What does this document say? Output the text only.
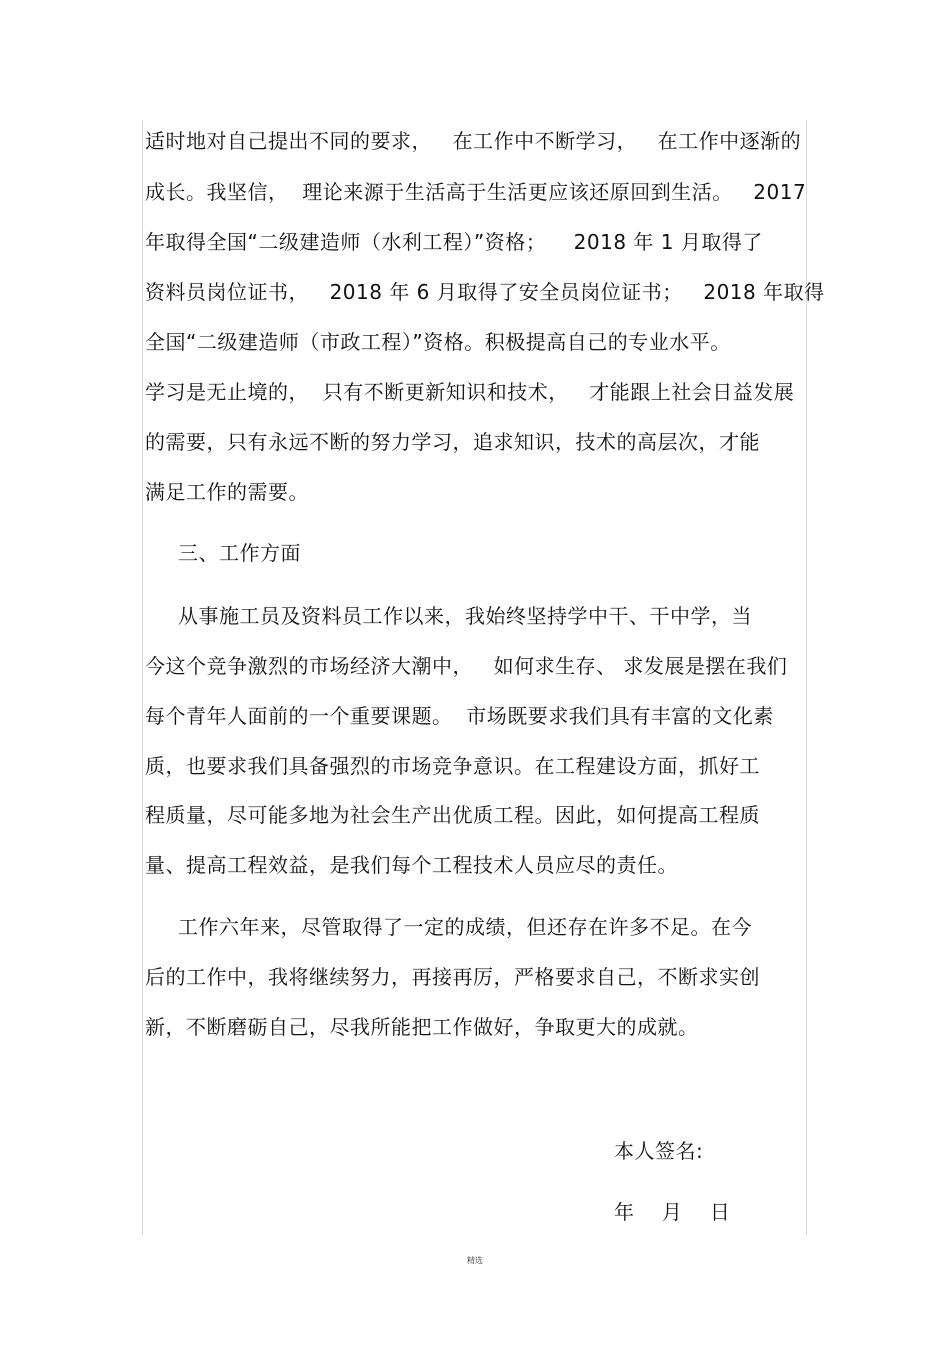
适时地对自己提出不同的要求，   在工作中不断学习，   在工作中逐渐的
成长。我坚信，  理论来源于生活高于生活更应该还原回到生活。   2017
年取得全国“二级建造师（水利工程）”资格；    2018 年 1 月取得了
资料员岗位证书，   2018 年 6 月取得了安全员岗位证书；   2018 年取得
全国“二级建造师（市政工程）”资格。积极提高自己的专业水平。
学习是无止境的，  只有不断更新知识和技术，   才能跟上社会日益发展
的需要，只有永远不断的努力学习，追求知识，技术的高层次，才能
满足工作的需要。
三、工作方面
从事施工员及资料员工作以来，我始终坚持学中干、干中学，当
今这个竞争激烈的市场经济大潮中，   如何求生存、 求发展是摆在我们
每个青年人面前的一个重要课题。  市场既要求我们具有丰富的文化素
质，也要求我们具备强烈的市场竞争意识。在工程建设方面，抓好工
程质量，尽可能多地为社会生产出优质工程。因此，如何提高工程质
量、提高工程效益，是我们每个工程技术人员应尽的责任。
工作六年来，尽管取得了一定的成绩，但还存在许多不足。在今
后的工作中，我将继续努力，再接再厉，严格要求自己，不断求实创
新，不断磨砺自己，尽我所能把工作做好，争取更大的成就。
本人签名:
年    月    日
精选
